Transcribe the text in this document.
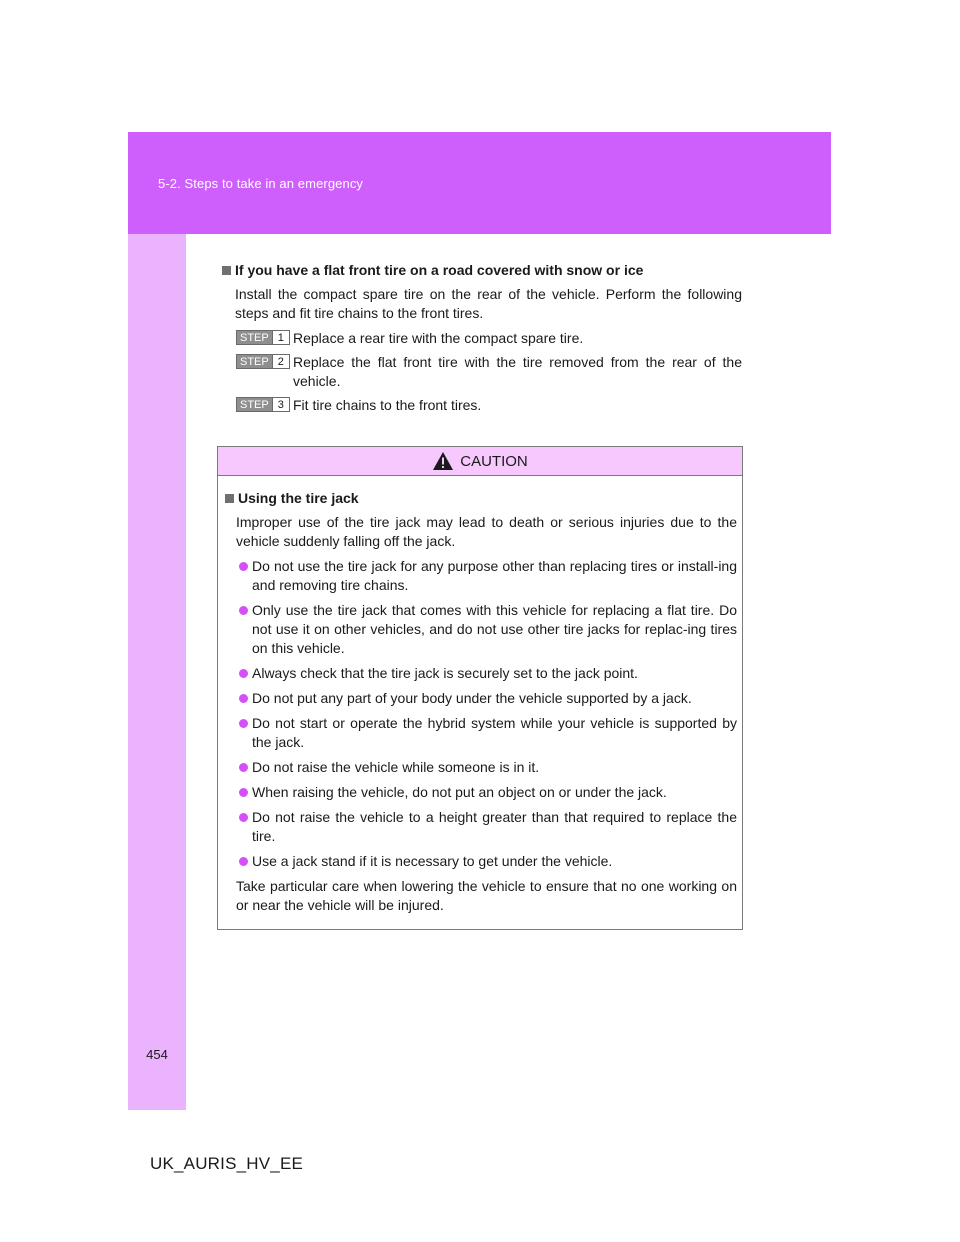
5-2. Steps to take in an emergency
454
UK_AURIS_HV_EE

If you have a flat front tire on a road covered with snow or ice

Install the compact spare tire on the rear of the vehicle. Perform the following steps and fit tire chains to the front tires.
STEP 1 Replace a rear tire with the compact spare tire.
STEP 2 Replace the flat front tire with the tire removed from the rear of the vehicle.
STEP 3 Fit tire chains to the front tires.
CAUTION

Using the tire jack

Improper use of the tire jack may lead to death or serious injuries due to the vehicle suddenly falling off the jack.
Do not use the tire jack for any purpose other than replacing tires or install-ing and removing tire chains.
Only use the tire jack that comes with this vehicle for replacing a flat tire. Do not use it on other vehicles, and do not use other tire jacks for replac-ing tires on this vehicle.
Always check that the tire jack is securely set to the jack point.
Do not put any part of your body under the vehicle supported by a jack.
Do not start or operate the hybrid system while your vehicle is supported by the jack.
Do not raise the vehicle while someone is in it.
When raising the vehicle, do not put an object on or under the jack.
Do not raise the vehicle to a height greater than that required to replace the tire.
Use a jack stand if it is necessary to get under the vehicle.
Take particular care when lowering the vehicle to ensure that no one working on or near the vehicle will be injured.
